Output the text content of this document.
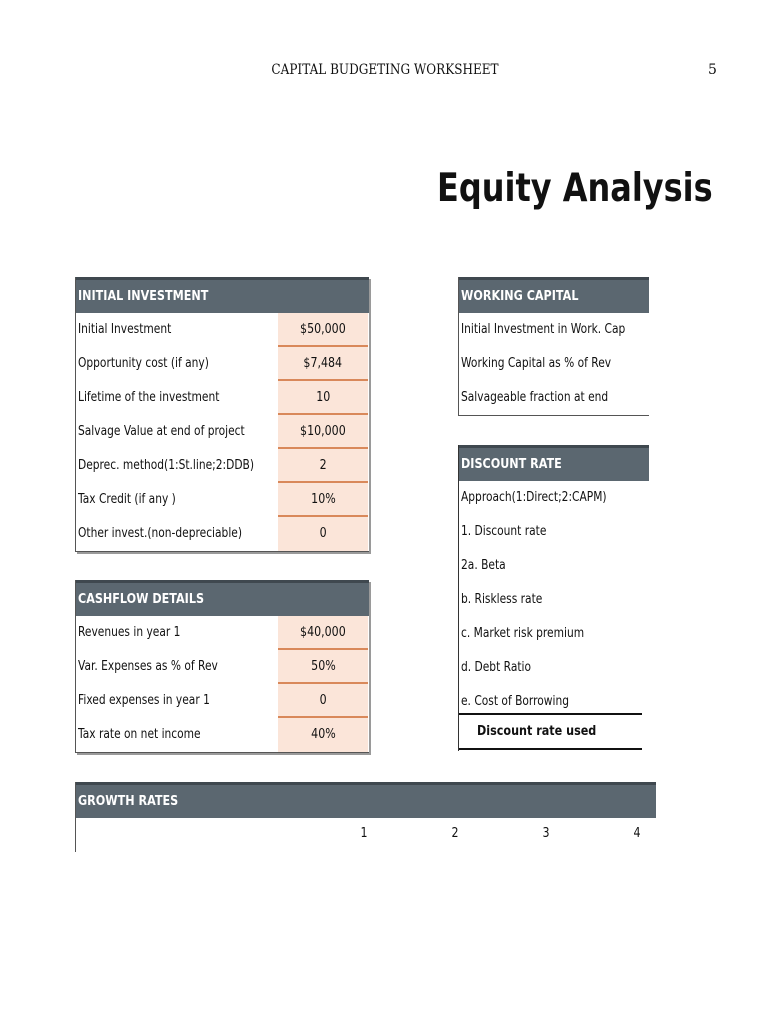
CAPITAL BUDGETING WORKSHEET	5
Equity Analysis
INITIAL INVESTMENT
Initial Investment	$50,000
Opportunity cost (if any)	$7,484
Lifetime of the investment	10
Salvage Value at end of project	$10,000
Deprec. method(1:St.line;2:DDB)	2
Tax Credit (if any )	10%
Other invest.(non-depreciable)	0
CASHFLOW DETAILS
Revenues in year 1	$40,000
Var. Expenses as % of Rev	50%
Fixed expenses in year 1	0
Tax rate on net income	40%
WORKING CAPITAL
Initial Investment in Work. Cap
Working Capital as % of Rev
Salvageable fraction at end
DISCOUNT RATE
Approach(1:Direct;2:CAPM)
1. Discount rate
2a. Beta
b. Riskless rate
c. Market risk premium
d. Debt Ratio
e. Cost of Borrowing
Discount rate used
GROWTH RATES
1	2	3	4
